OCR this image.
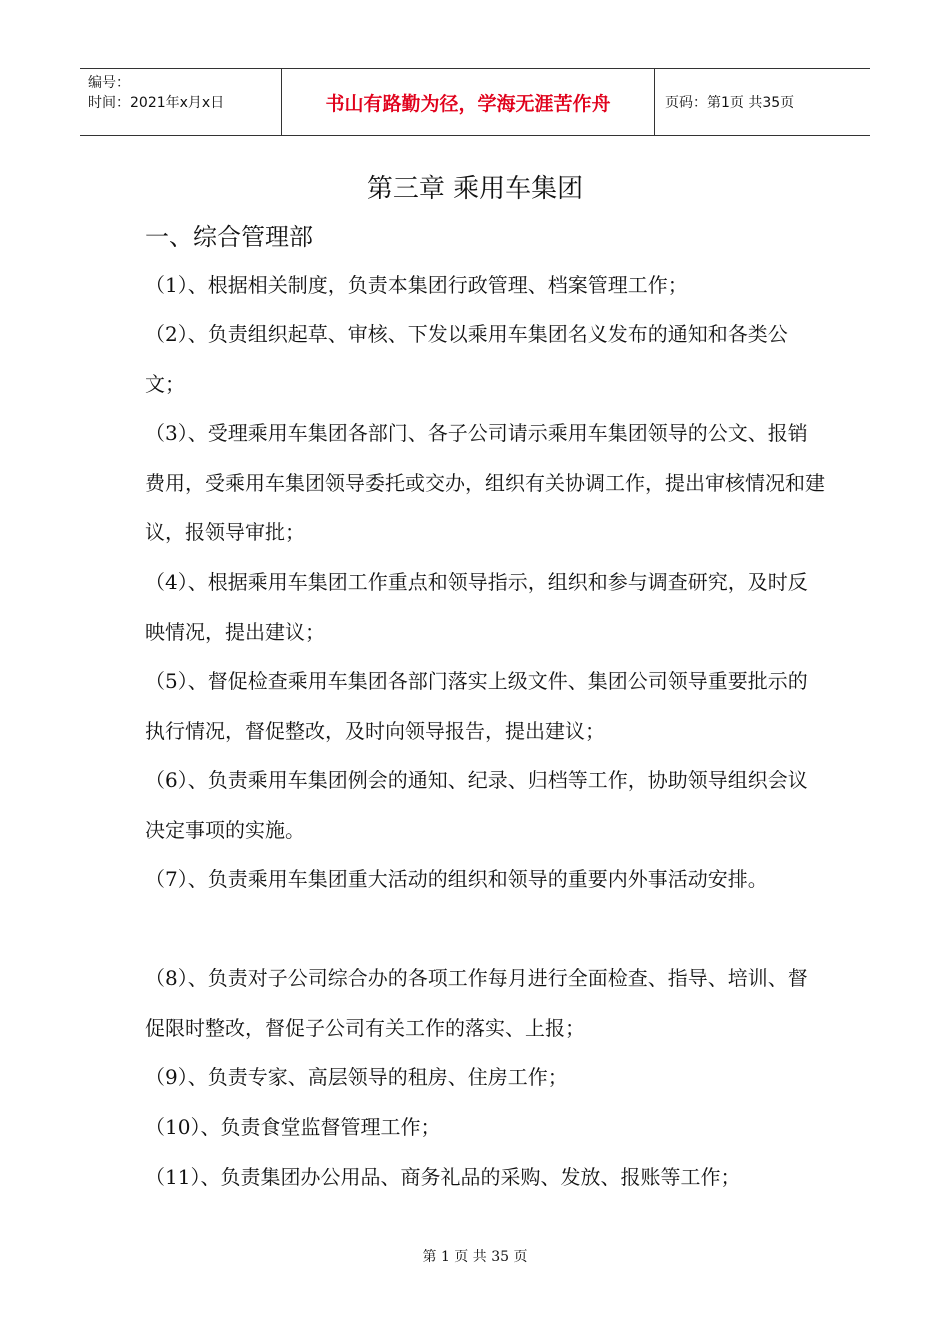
编号：
时间：2021年x月x日	书山有路勤为径，学海无涯苦作舟	页码：第1页 共35页
第三章 乘用车集团
一、综合管理部
（1）、根据相关制度，负责本集团行政管理、档案管理工作；
（2）、负责组织起草、审核、下发以乘用车集团名义发布的通知和各类公文；
（3）、受理乘用车集团各部门、各子公司请示乘用车集团领导的公文、报销费用，受乘用车集团领导委托或交办，组织有关协调工作，提出审核情况和建议，报领导审批；
（4）、根据乘用车集团工作重点和领导指示，组织和参与调查研究，及时反映情况，提出建议；
（5）、督促检查乘用车集团各部门落实上级文件、集团公司领导重要批示的执行情况，督促整改，及时向领导报告，提出建议；
（6）、负责乘用车集团例会的通知、纪录、归档等工作，协助领导组织会议决定事项的实施。
（7）、负责乘用车集团重大活动的组织和领导的重要内外事活动安排。
（8）、负责对子公司综合办的各项工作每月进行全面检查、指导、培训、督促限时整改，督促子公司有关工作的落实、上报；
（9）、负责专家、高层领导的租房、住房工作；
（10）、负责食堂监督管理工作；
（11）、负责集团办公用品、商务礼品的采购、发放、报账等工作；
第 1 页 共 35 页
